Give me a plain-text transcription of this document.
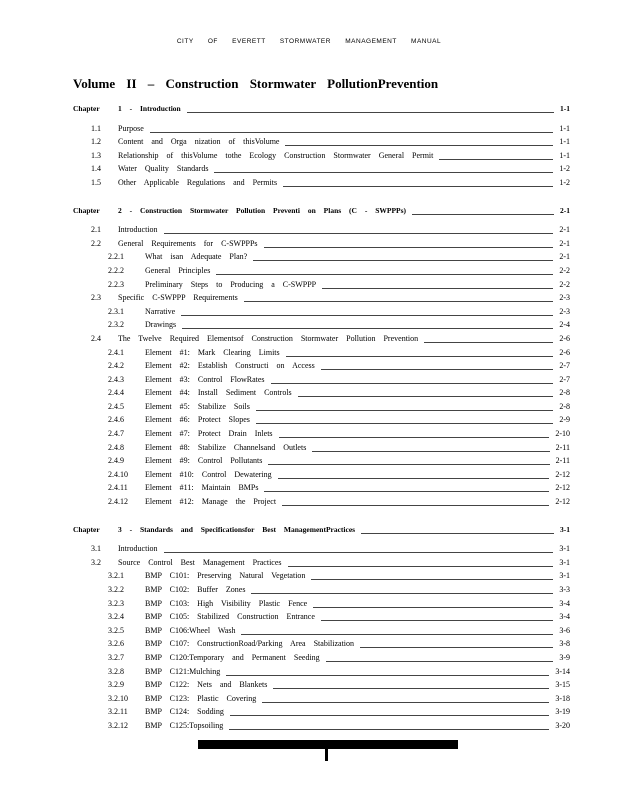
CITY OF EVERETT STORMWATER MANAGEMENT MANUAL
Volume II – Construction Stormwater PollutionPrevention
Chapter 1 - Introduction	1-1
1.1 Purpose	1-1
1.2 Content and Orga nization of thisVolume	1-1
1.3 Relationship of thisVolume tothe Ecology Construction Stormwater General Permit	1-1
1.4 Water Quality Standards	1-2
1.5 Other Applicable Regulations and Permits	1-2
Chapter 2 - Construction Stormwater Pollution Preventi on Plans (C - SWPPPs)	2-1
2.1 Introduction	2-1
2.2 General Requirements for C-SWPPPs	2-1
2.2.1	What isan Adequate Plan?	2-1
2.2.2	General Principles	2-2
2.2.3	Preliminary Steps to Producing a C-SWPPP	2-2
2.3 Specific C-SWPPP Requirements	2-3
2.3.1	Narrative	2-3
2.3.2	Drawings	2-4
2.4 The Twelve Required Elementsof Construction Stormwater Pollution Prevention	2-6
2.4.1	Element #1: Mark Clearing Limits	2-6
2.4.2	Element #2: Establish Constructi on Access	2-7
2.4.3	Element #3: Control FlowRates	2-7
2.4.4	Element #4: Install Sediment Controls	2-8
2.4.5	Element #5: Stabilize Soils	2-8
2.4.6	Element #6: Protect Slopes	2-9
2.4.7	Element #7: Protect Drain Inlets	2-10
2.4.8	Element #8: Stabilize Channelsand Outlets	2-11
2.4.9	Element #9: Control Pollutants	2-11
2.4.10 Element #10: Control Dewatering	2-12
2.4.11 Element #11: Maintain BMPs	2-12
2.4.12 Element #12: Manage the Project	2-12
Chapter 3 - Standards and Specificationsfor Best ManagementPractices	3-1
3.1 Introduction	3-1
3.2 Source Control Best Management Practices	3-1
3.2.1	BMP C101: Preserving Natural Vegetation	3-1
3.2.2	BMP C102: Buffer Zones	3-3
3.2.3	BMP C103: High Visibility Plastic Fence	3-4
3.2.4	BMP C105: Stabilized Construction Entrance	3-4
3.2.5	BMP C106:Wheel Wash	3-6
3.2.6	BMP C107: ConstructionRoad/Parking Area Stabilization	3-8
3.2.7	BMP C120:Temporary and Permanent Seeding	3-9
3.2.8	BMP C121:Mulching	3-14
3.2.9	BMP C122: Nets and Blankets	3-15
3.2.10 BMP C123: Plastic Covering	3-18
3.2.11 BMP C124: Sodding	3-19
3.2.12 BMP C125:Topsoiling	3-20
